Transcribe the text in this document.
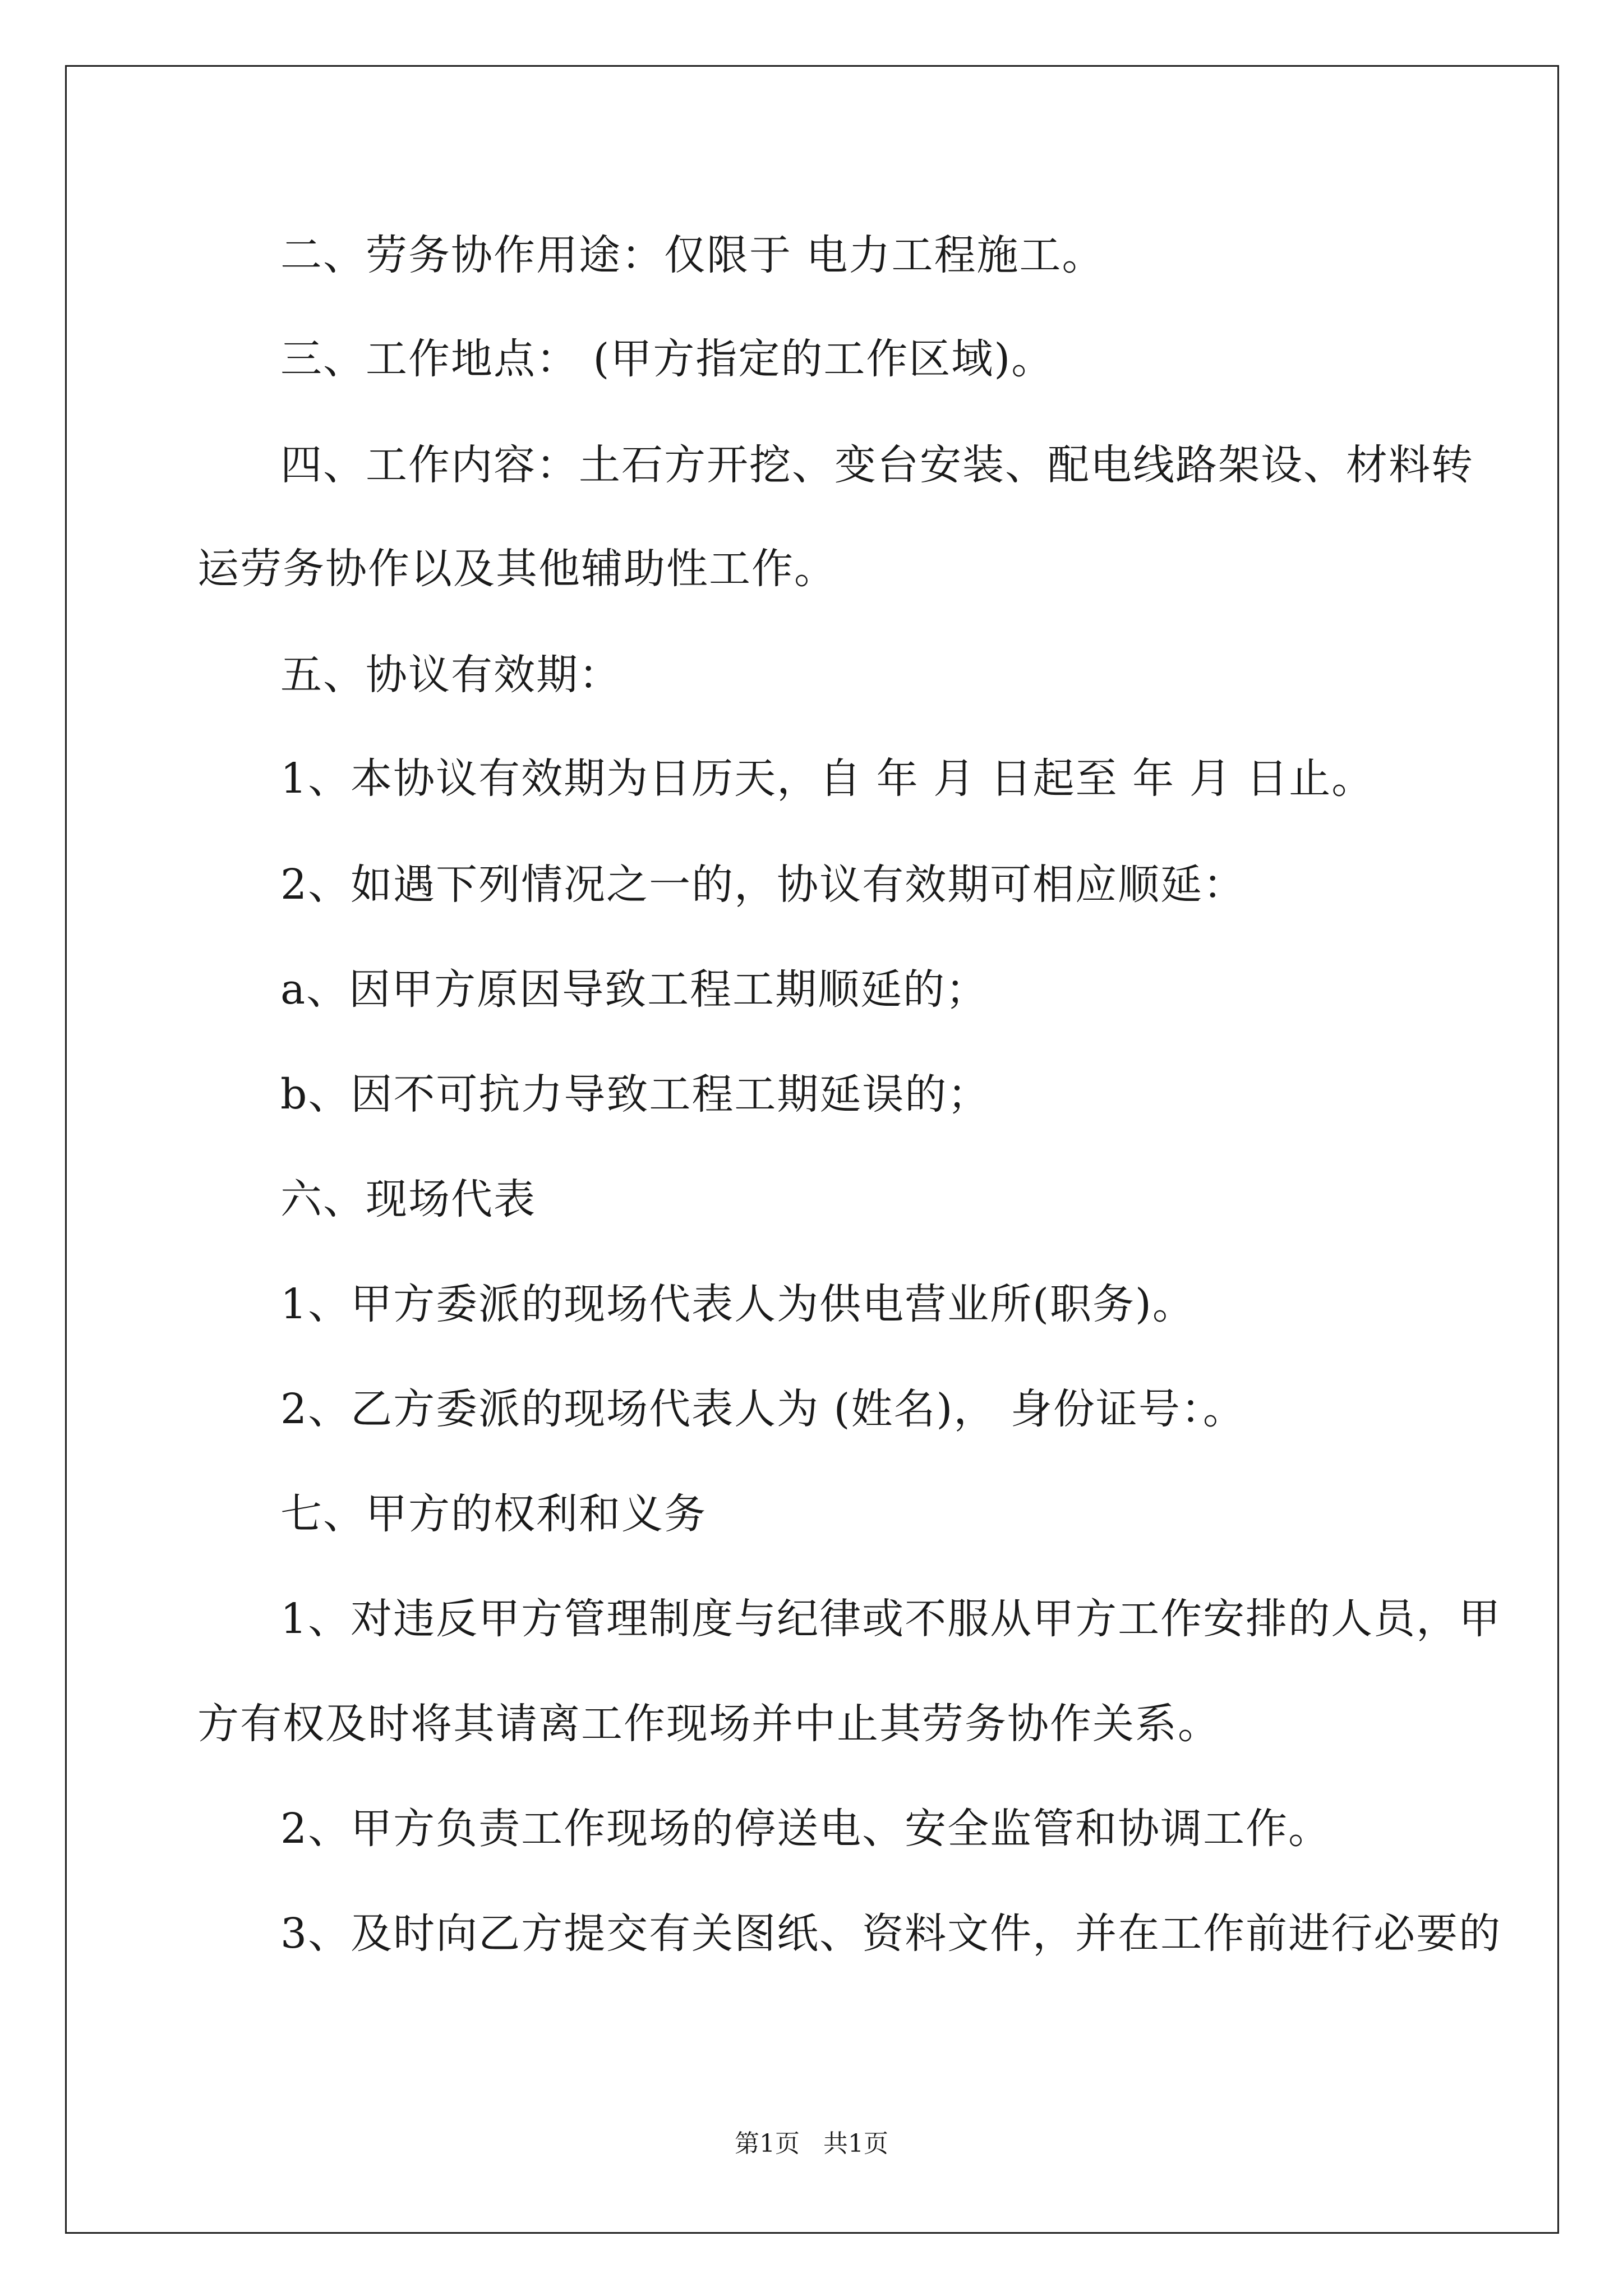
二、劳务协作用途：仅限于 电力工程施工。
三、工作地点： (甲方指定的工作区域)。
四、工作内容：土石方开挖、变台安装、配电线路架设、材料转
运劳务协作以及其他辅助性工作。
五、协议有效期：
1、本协议有效期为日历天，自 年 月 日起至 年 月 日止。
2、如遇下列情况之一的，协议有效期可相应顺延：
a、因甲方原因导致工程工期顺延的；
b、因不可抗力导致工程工期延误的；
六、现场代表
1、甲方委派的现场代表人为供电营业所(职务)。
2、乙方委派的现场代表人为 (姓名)， 身份证号：。
七、甲方的权利和义务
1、对违反甲方管理制度与纪律或不服从甲方工作安排的人员，甲
方有权及时将其请离工作现场并中止其劳务协作关系。
2、甲方负责工作现场的停送电、安全监管和协调工作。
3、及时向乙方提交有关图纸、资料文件，并在工作前进行必要的
第1页   共1页
